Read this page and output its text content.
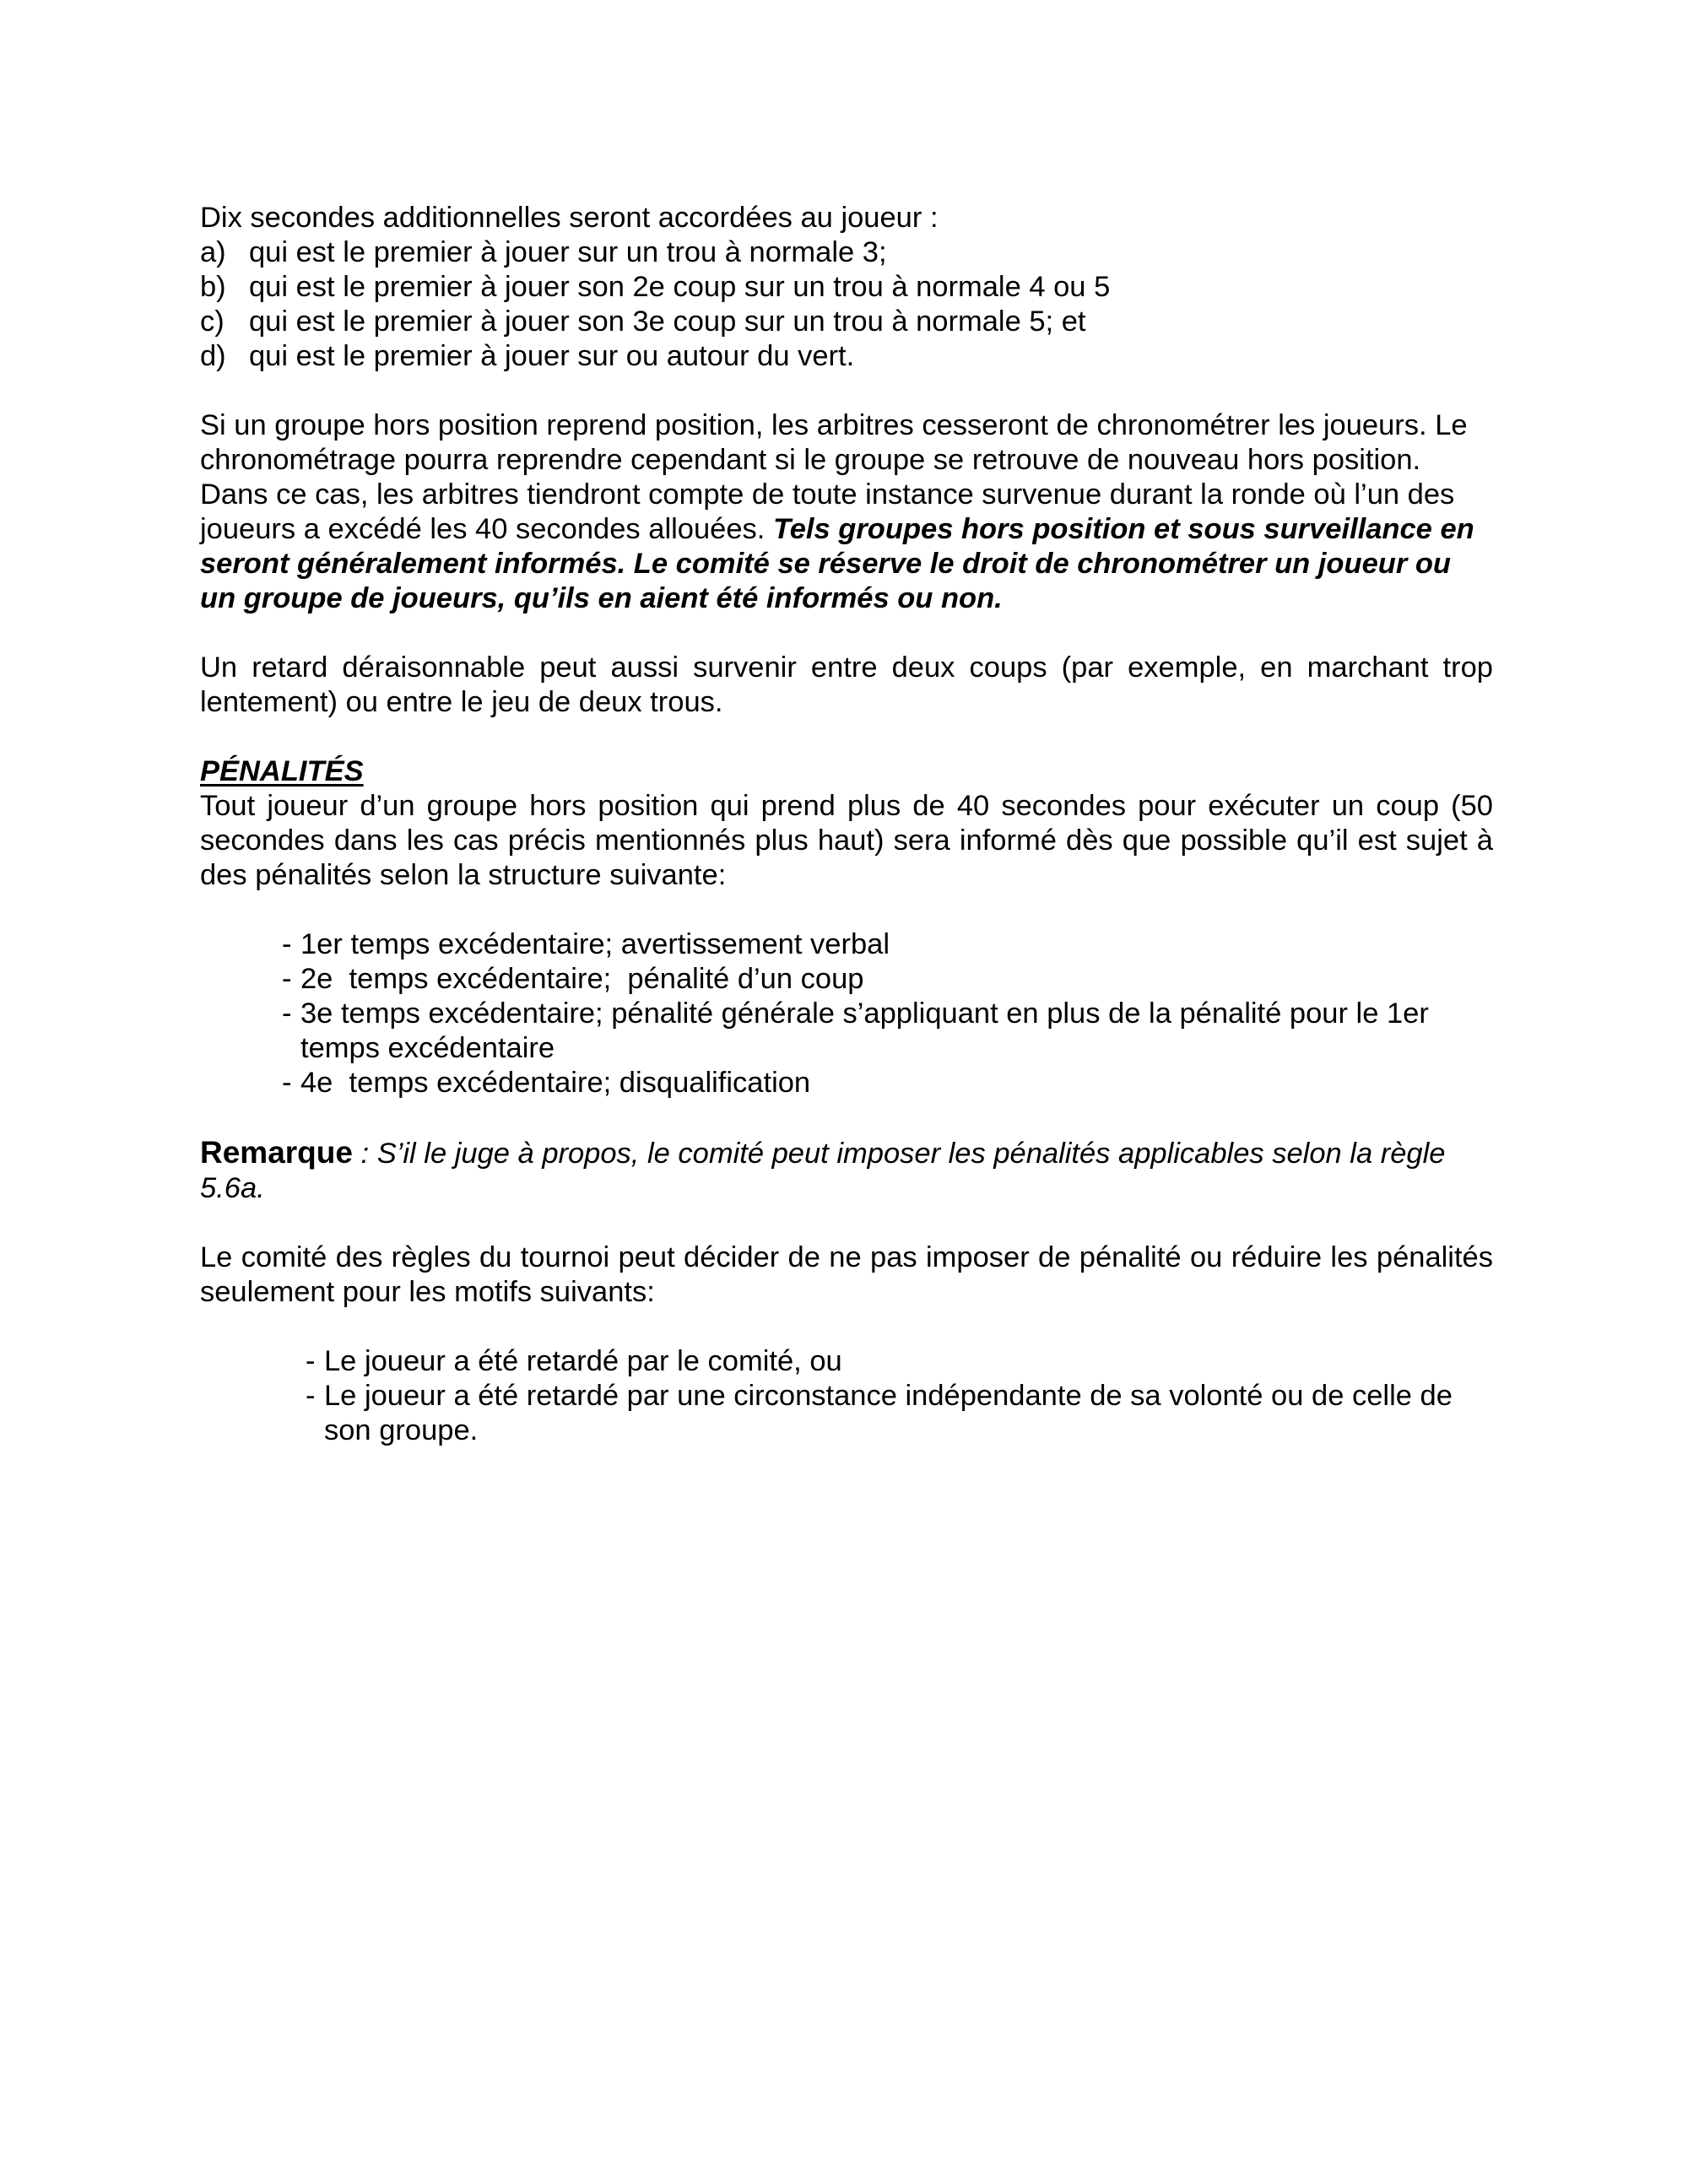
Dix secondes additionnelles seront accordées au joueur :

a) qui est le premier à jouer sur un trou à normale 3;
b) qui est le premier à jouer son 2e coup sur un trou à normale 4 ou 5
c) qui est le premier à jouer son 3e coup sur un trou à normale 5; et
d) qui est le premier à jouer sur ou autour du vert.

Si un groupe hors position reprend position, les arbitres cesseront de chronométrer les joueurs. Le chronométrage pourra reprendre cependant si le groupe se retrouve de nouveau hors position. Dans ce cas, les arbitres tiendront compte de toute instance survenue durant la ronde où l’un des joueurs a excédé les 40 secondes allouées. Tels groupes hors position et sous surveillance en seront généralement informés. Le comité se réserve le droit de chronométrer un joueur ou un groupe de joueurs, qu’ils en aient été informés ou non.

Un retard déraisonnable peut aussi survenir entre deux coups (par exemple, en marchant trop lentement) ou entre le jeu de deux trous.

PÉNALITÉS

Tout joueur d’un groupe hors position qui prend plus de 40 secondes pour exécuter un coup (50 secondes dans les cas précis mentionnés plus haut) sera informé dès que possible qu’il est sujet à des pénalités selon la structure suivante:

- 1er temps excédentaire; avertissement verbal
- 2e  temps excédentaire;  pénalité d’un coup
- 3e temps excédentaire; pénalité générale s’appliquant en plus de la pénalité pour le 1er temps excédentaire
- 4e  temps excédentaire; disqualification

Remarque : S’il le juge à propos, le comité peut imposer les pénalités applicables selon la règle 5.6a.

Le comité des règles du tournoi peut décider de ne pas imposer de pénalité ou réduire les pénalités seulement pour les motifs suivants:

- Le joueur a été retardé par le comité, ou
- Le joueur a été retardé par une circonstance indépendante de sa volonté ou de celle de son groupe.
